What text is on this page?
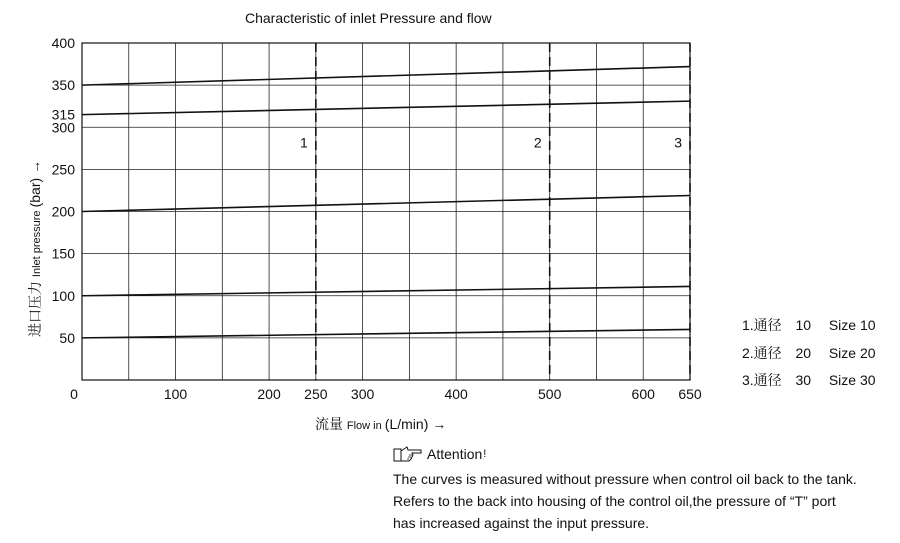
Characteristic of inlet Pressure and flow
1	2	3
50
100
150
200
250
300
315
350
400
0	100	200 250 300	400	500	600 650
流量 Flow in (L/min) →
进口压力 Inlet pressure (bar) →
1.通径 10 Size 10
2.通径 20 Size 20
3.通径 30 Size 30
Attention !
The curves is measured without pressure when control oil back to the tank.
Refers to the back into housing of the control oil,the pressure of “T” port
has increased against the input pressure.
